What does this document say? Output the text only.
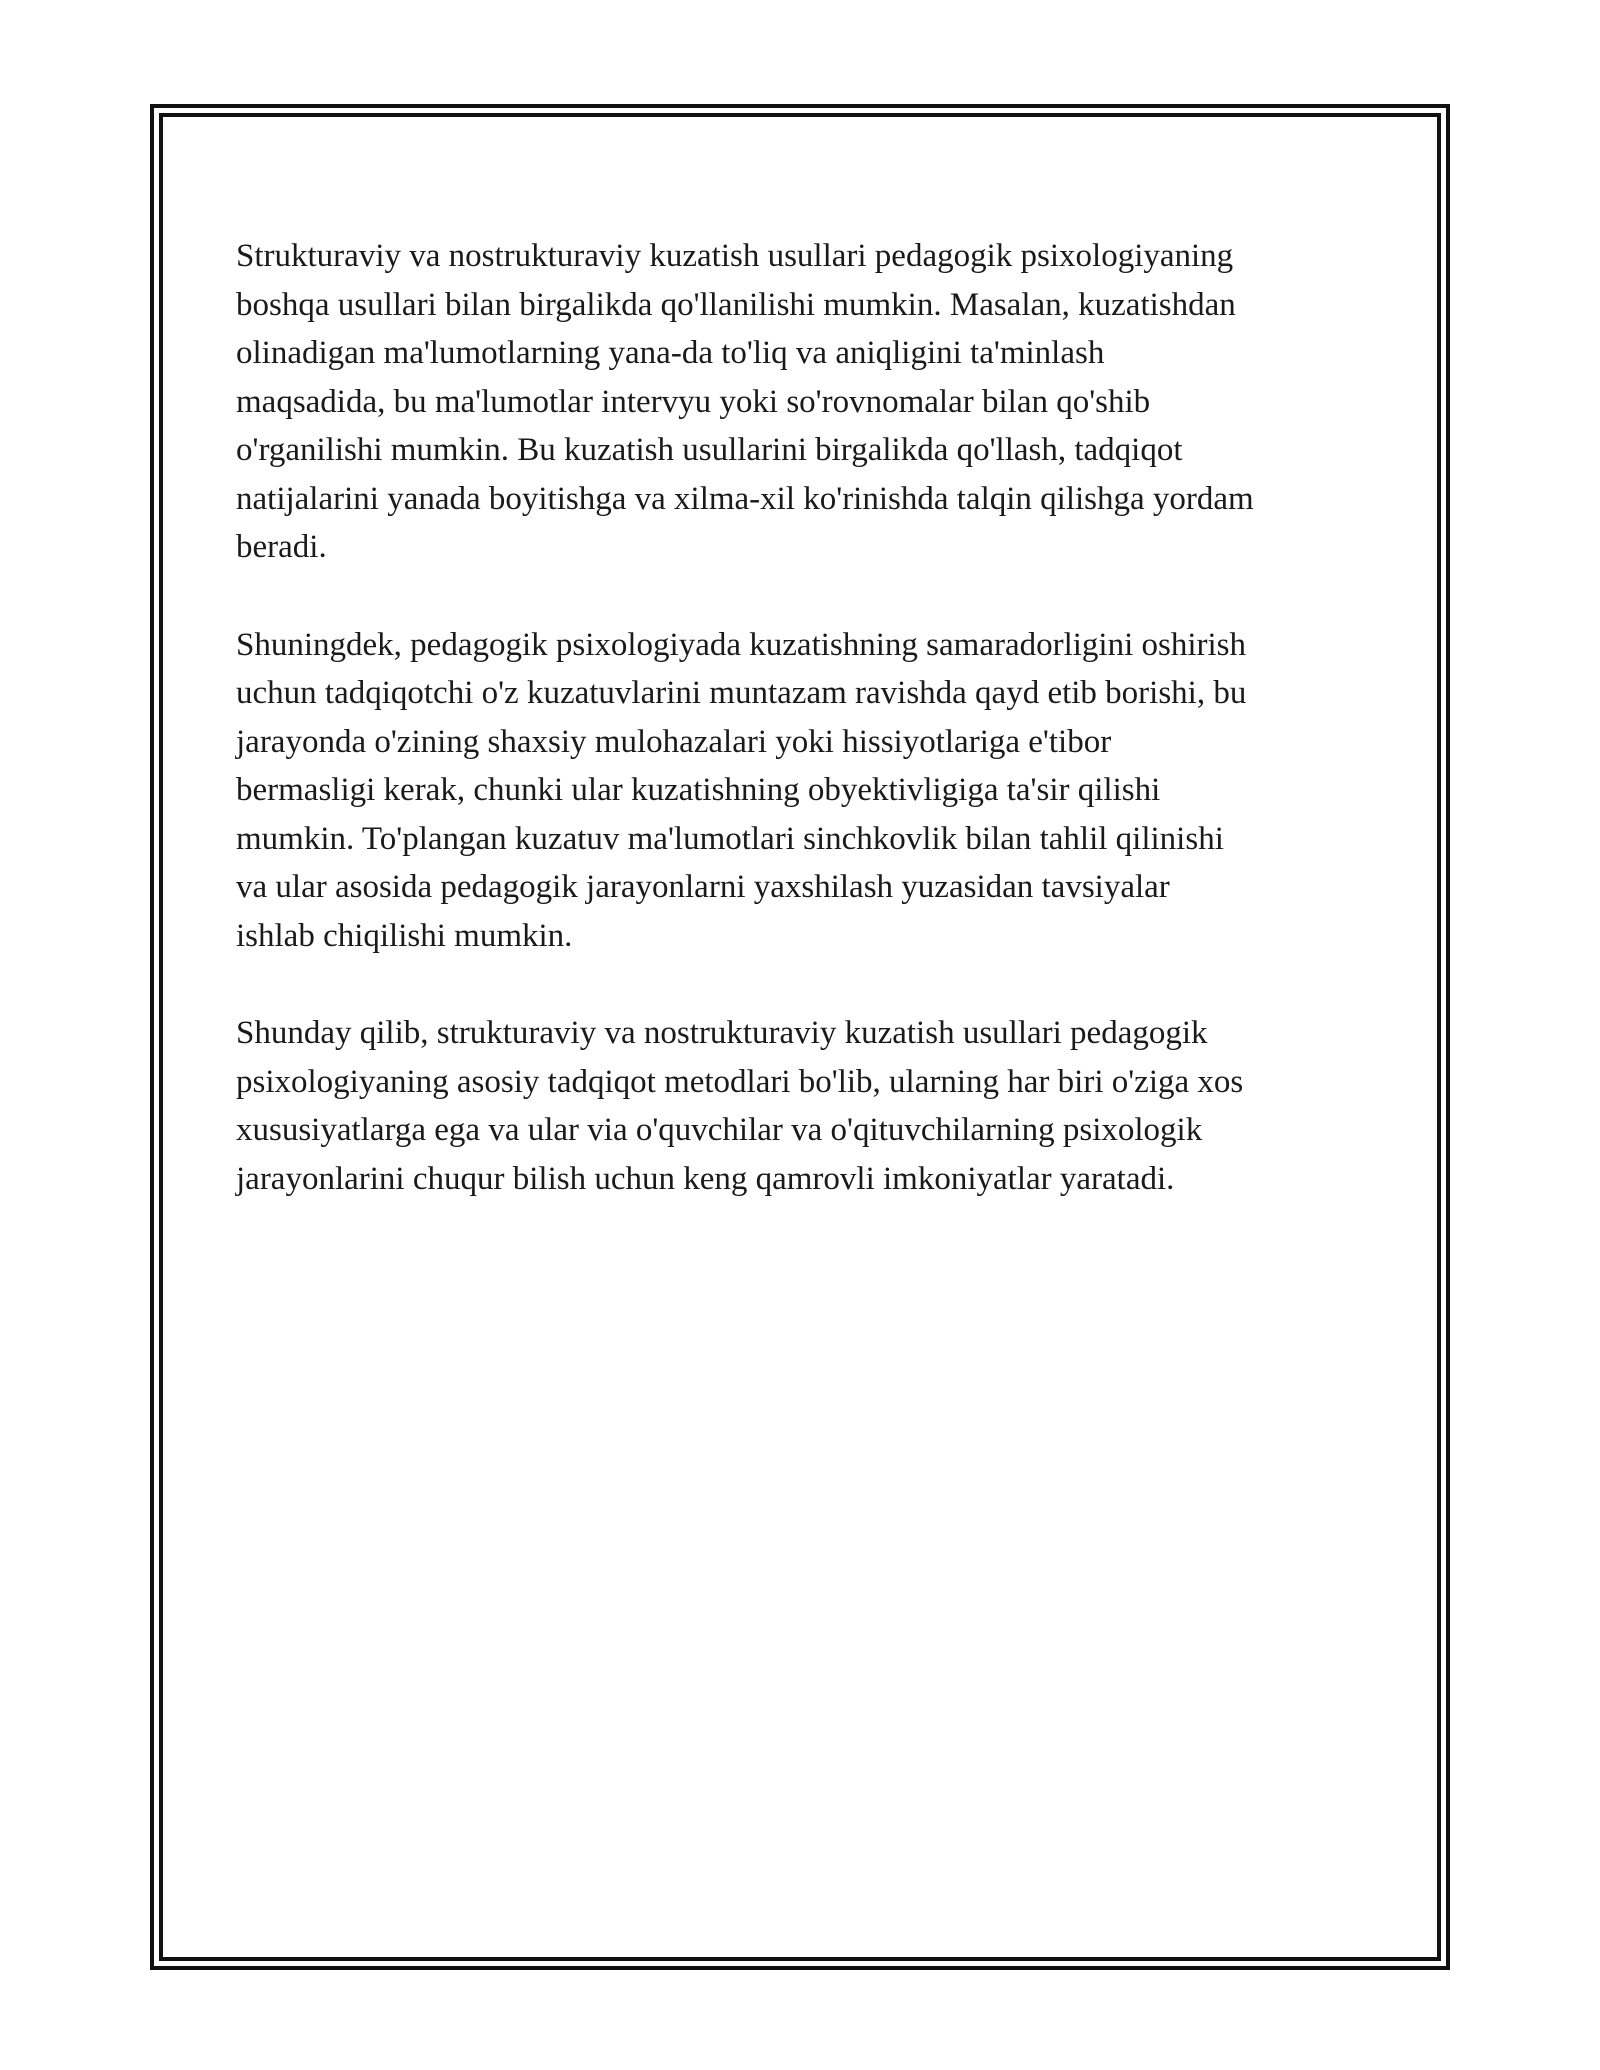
Strukturaviy va nostrukturaviy kuzatish usullari pedagogik psixologiyaning
boshqa usullari bilan birgalikda qo'llanilishi mumkin. Masalan, kuzatishdan
olinadigan ma'lumotlarning yana-da to'liq va aniqligini ta'minlash
maqsadida, bu ma'lumotlar intervyu yoki so'rovnomalar bilan qo'shib
o'rganilishi mumkin. Bu kuzatish usullarini birgalikda qo'llash, tadqiqot
natijalarini yanada boyitishga va xilma-xil ko'rinishda talqin qilishga yordam
beradi.

Shuningdek, pedagogik psixologiyada kuzatishning samaradorligini oshirish
uchun tadqiqotchi o'z kuzatuvlarini muntazam ravishda qayd etib borishi, bu
jarayonda o'zining shaxsiy mulohazalari yoki hissiyotlariga e'tibor
bermasligi kerak, chunki ular kuzatishning obyektivligiga ta'sir qilishi
mumkin. To'plangan kuzatuv ma'lumotlari sinchkovlik bilan tahlil qilinishi
va ular asosida pedagogik jarayonlarni yaxshilash yuzasidan tavsiyalar
ishlab chiqilishi mumkin.

Shunday qilib, strukturaviy va nostrukturaviy kuzatish usullari pedagogik
psixologiyaning asosiy tadqiqot metodlari bo'lib, ularning har biri o'ziga xos
xususiyatlarga ega va ular via o'quvchilar va o'qituvchilarning psixologik
jarayonlarini chuqur bilish uchun keng qamrovli imkoniyatlar yaratadi.
